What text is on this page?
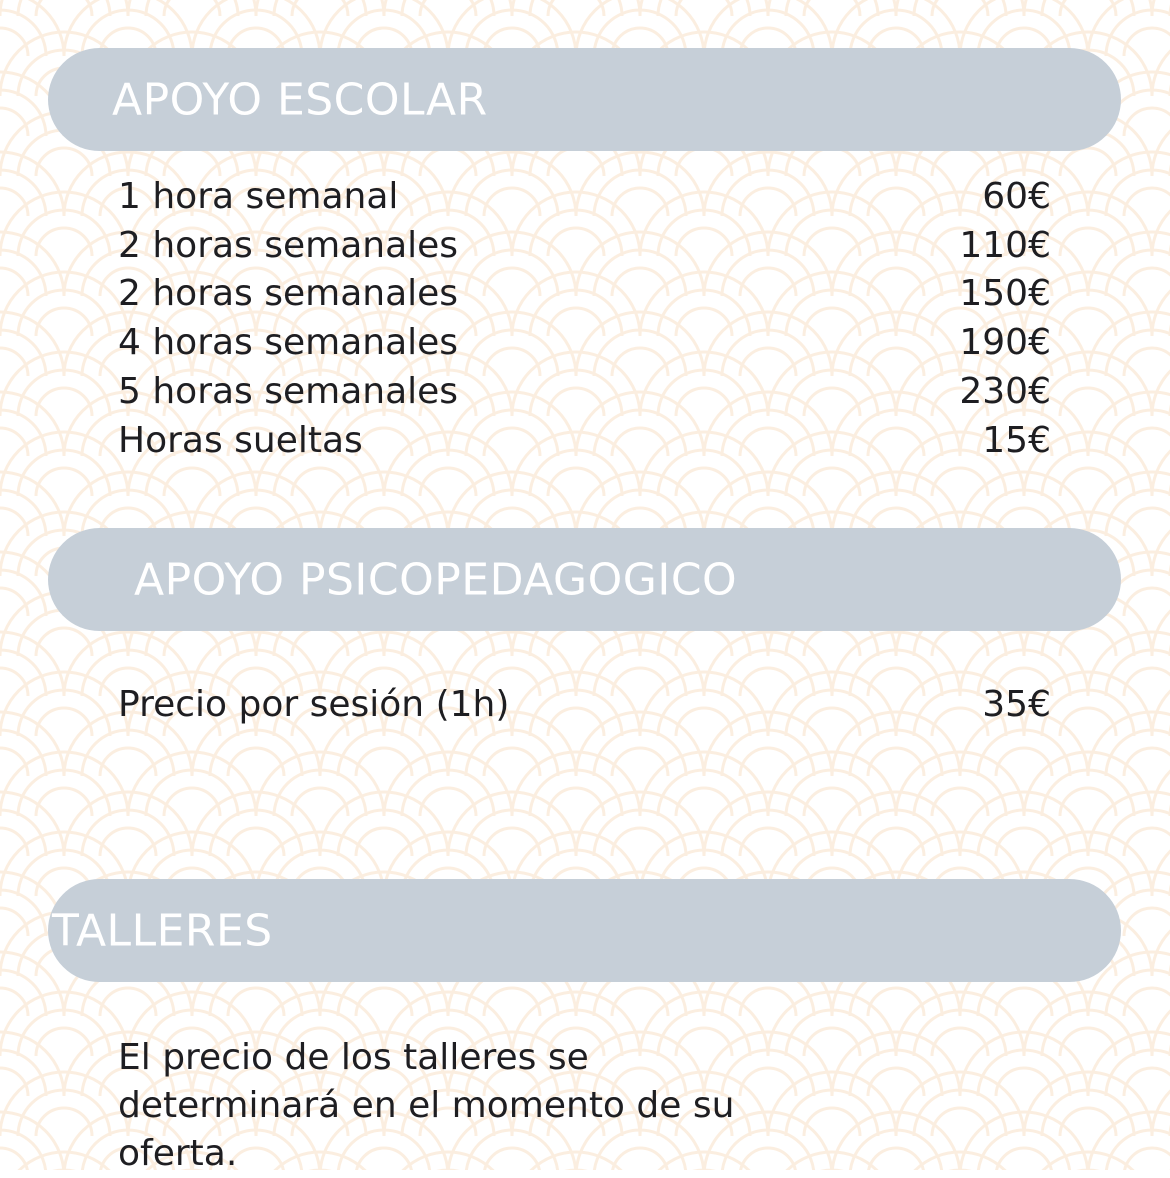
APOYO ESCOLAR
1 hora semanal	60€
2 horas semanales	110€
2 horas semanales	150€
4 horas semanales	190€
5 horas semanales	230€
Horas sueltas	15€
APOYO PSICOPEDAGOGICO
Precio por sesión (1h)	35€
TALLERES

El precio de los talleres se determinará en el momento de su oferta.
